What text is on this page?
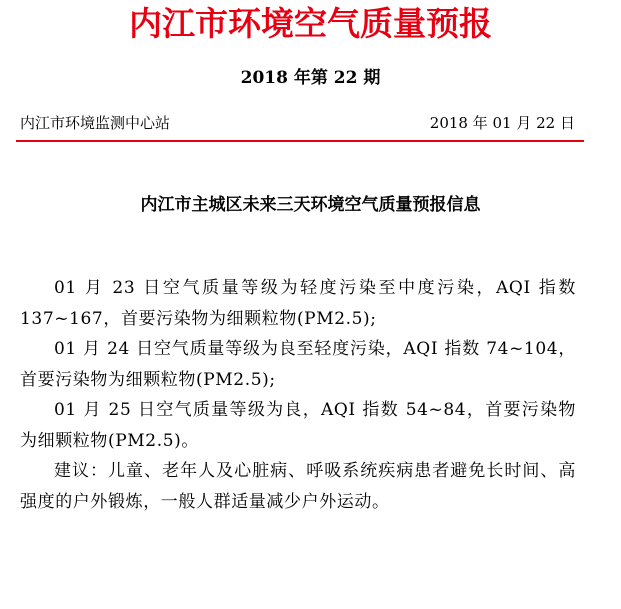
内江市环境空气质量预报
2018 年第 22 期
内江市环境监测中心站	2018 年 01 月 22 日
内江市主城区未来三天环境空气质量预报信息

01 月 23 日空气质量等级为轻度污染至中度污染，AQI 指数 137~167，首要污染物为细颗粒物(PM2.5);

01 月 24 日空气质量等级为良至轻度污染，AQI 指数 74~104，首要污染物为细颗粒物(PM2.5);

01 月 25 日空气质量等级为良，AQI 指数 54~84，首要污染物为细颗粒物(PM2.5)。

建议：儿童、老年人及心脏病、呼吸系统疾病患者避免长时间、高强度的户外锻炼，一般人群适量减少户外运动。
